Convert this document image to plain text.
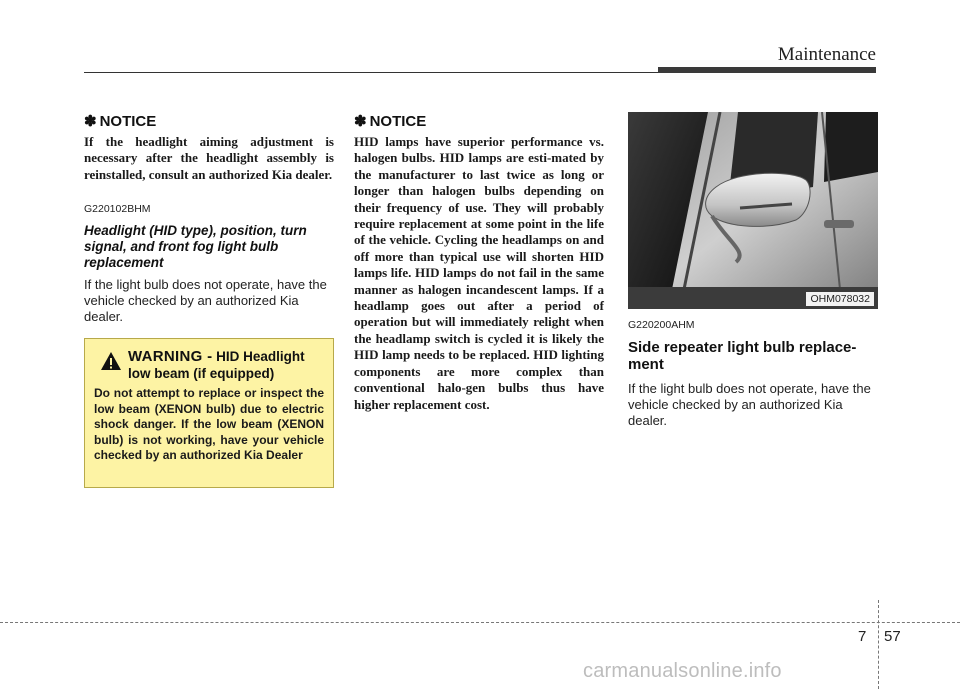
Maintenance
✽ NOTICE

If the headlight aiming adjustment is necessary after the headlight assembly is reinstalled, consult an authorized Kia dealer.

G220102BHM

Headlight (HID type), position, turn signal, and front fog light bulb replacement

If the light bulb does not operate, have the vehicle checked by an authorized Kia dealer.

WARNING - HID Headlight low beam (if equipped)

Do not attempt to replace or inspect the low beam (XENON bulb) due to electric shock danger. If the low beam (XENON bulb) is not working, have your vehicle checked by an authorized Kia Dealer

✽ NOTICE

HID lamps have superior performance vs. halogen bulbs. HID lamps are esti-mated by the manufacturer to last twice as long or longer than halogen bulbs depending on their frequency of use. They will probably require replacement at some point in the life of the vehicle. Cycling the headlamps on and off more than typical use will shorten HID lamps life. HID lamps do not fail in the same manner as halogen incandescent lamps. If a headlamp goes out after a period of operation but will immediately relight when the headlamp switch is cycled it is likely the HID lamp needs to be replaced. HID lighting components are more complex than conventional halo-gen bulbs thus have higher replacement cost.

OHM078032
G220200AHM

Side repeater light bulb replace-ment

If the light bulb does not operate, have the vehicle checked by an authorized Kia dealer.

7 57
carmanualsonline.info
